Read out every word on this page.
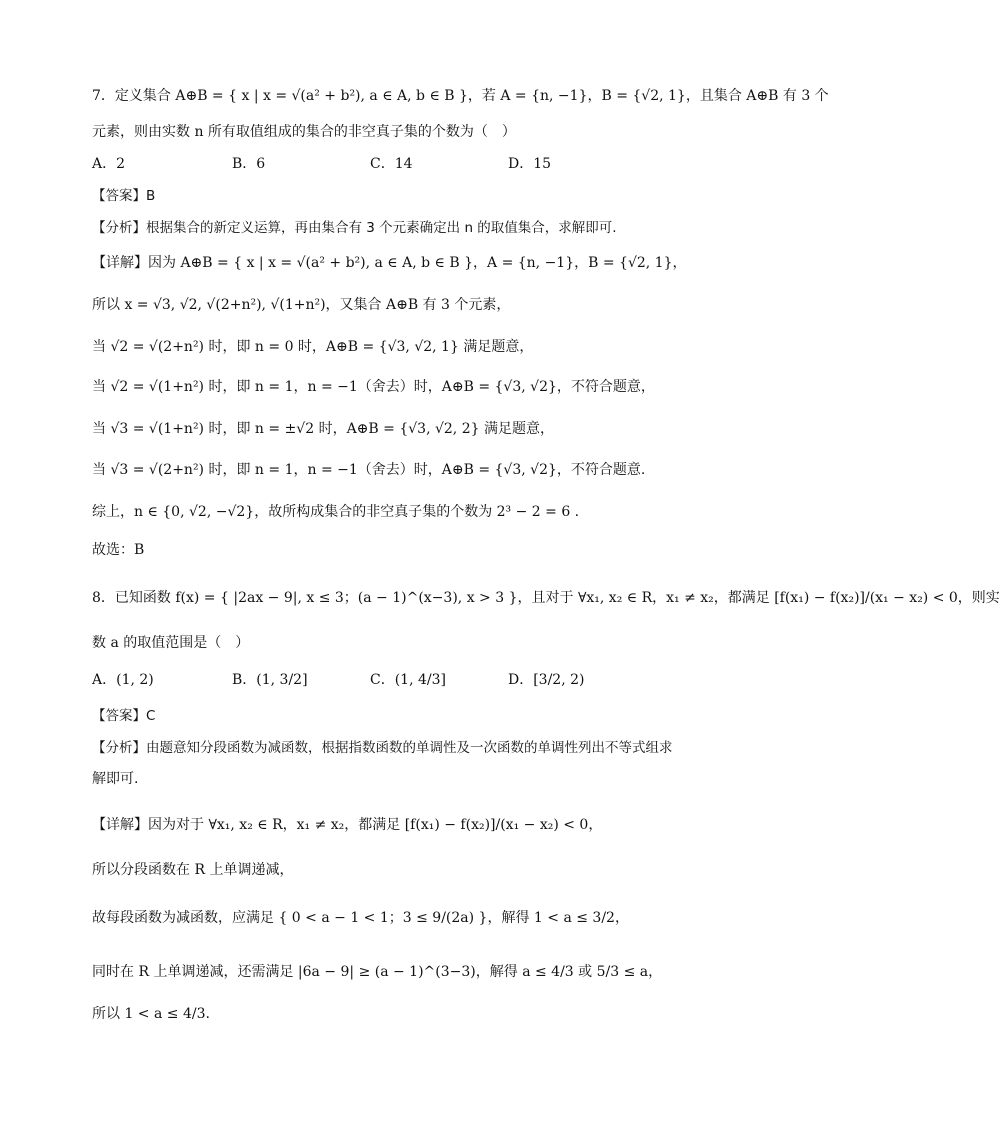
7．定义集合 A⊕B = { x | x = √(a² + b²), a ∈ A, b ∈ B }，若 A = {n, −1}，B = {√2, 1}，且集合 A⊕B 有 3 个
元素，则由实数 n 所有取值组成的集合的非空真子集的个数为（　）
A．2	B．6	C．14	D．15
【答案】B
【分析】根据集合的新定义运算，再由集合有 3 个元素确定出 n 的取值集合，求解即可.
【详解】因为 A⊕B = { x | x = √(a² + b²), a ∈ A, b ∈ B }，A = {n, −1}，B = {√2, 1}，
所以 x = √3, √2, √(2+n²), √(1+n²)，又集合 A⊕B 有 3 个元素，
当 √2 = √(2+n²) 时，即 n = 0 时，A⊕B = {√3, √2, 1} 满足题意，
当 √2 = √(1+n²) 时，即 n = 1，n = −1（舍去）时，A⊕B = {√3, √2}，不符合题意，
当 √3 = √(1+n²) 时，即 n = ±√2 时，A⊕B = {√3, √2, 2} 满足题意，
当 √3 = √(2+n²) 时，即 n = 1，n = −1（舍去）时，A⊕B = {√3, √2}，不符合题意.
综上，n ∈ {0, √2, −√2}，故所构成集合的非空真子集的个数为 2³ − 2 = 6 .
故选：B
8．已知函数 f(x) = { |2ax − 9|, x ≤ 3；(a − 1)^(x−3), x > 3 }，且对于 ∀x₁, x₂ ∈ R，x₁ ≠ x₂，都满足 [f(x₁) − f(x₂)]/(x₁ − x₂) < 0，则实
数 a 的取值范围是（　）
A．(1, 2)	B．(1, 3/2]	C．(1, 4/3]	D．[3/2, 2)
【答案】C
【分析】由题意知分段函数为减函数，根据指数函数的单调性及一次函数的单调性列出不等式组求
解即可.
【详解】因为对于 ∀x₁, x₂ ∈ R，x₁ ≠ x₂，都满足 [f(x₁) − f(x₂)]/(x₁ − x₂) < 0，
所以分段函数在 R 上单调递减，
故每段函数为减函数，应满足 { 0 < a − 1 < 1；3 ≤ 9/(2a) }，解得 1 < a ≤ 3/2，
同时在 R 上单调递减，还需满足 |6a − 9| ≥ (a − 1)^(3−3)，解得 a ≤ 4/3 或 5/3 ≤ a，
所以 1 < a ≤ 4/3.
